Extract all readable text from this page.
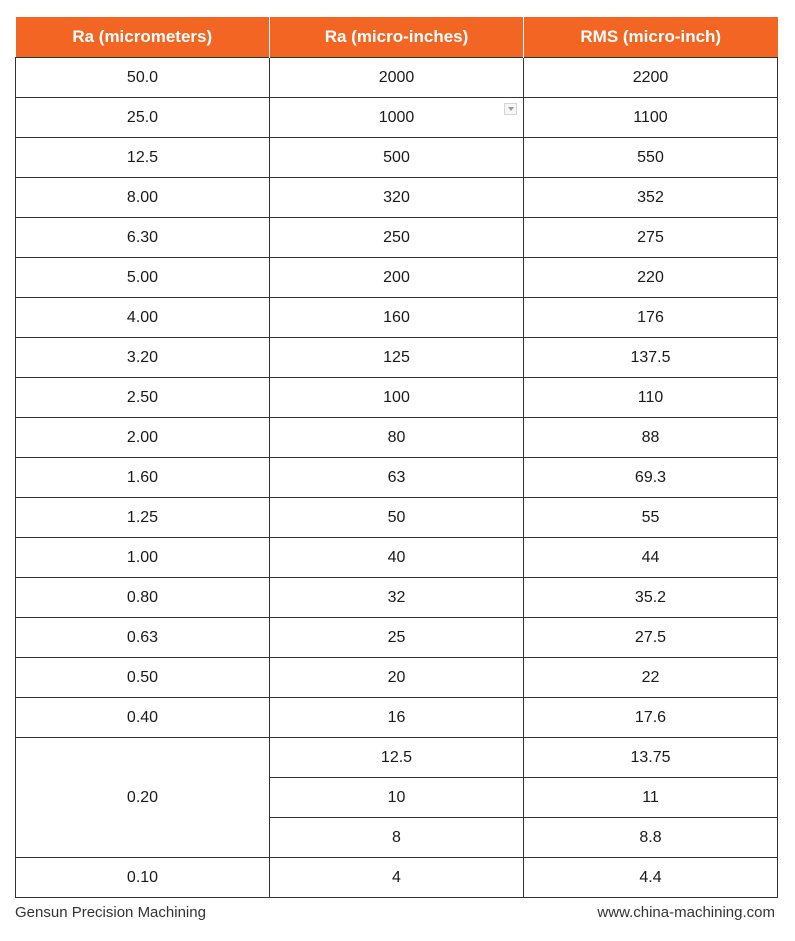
Ra (micrometers)	Ra (micro-inches)	RMS (micro-inch)
50.0	2000	2200
25.0	1000	1100
12.5	500	550
8.00	320	352
6.30	250	275
5.00	200	220
4.00	160	176
3.20	125	137.5
2.50	100	110
2.00	80	88
1.60	63	69.3
1.25	50	55
1.00	40	44
0.80	32	35.2
0.63	25	27.5
0.50	20	22
0.40	16	17.6
0.20	12.5	13.75
	10	11
	8	8.8
0.10	4	4.4
Gensun Precision Machining	www.china-machining.com
